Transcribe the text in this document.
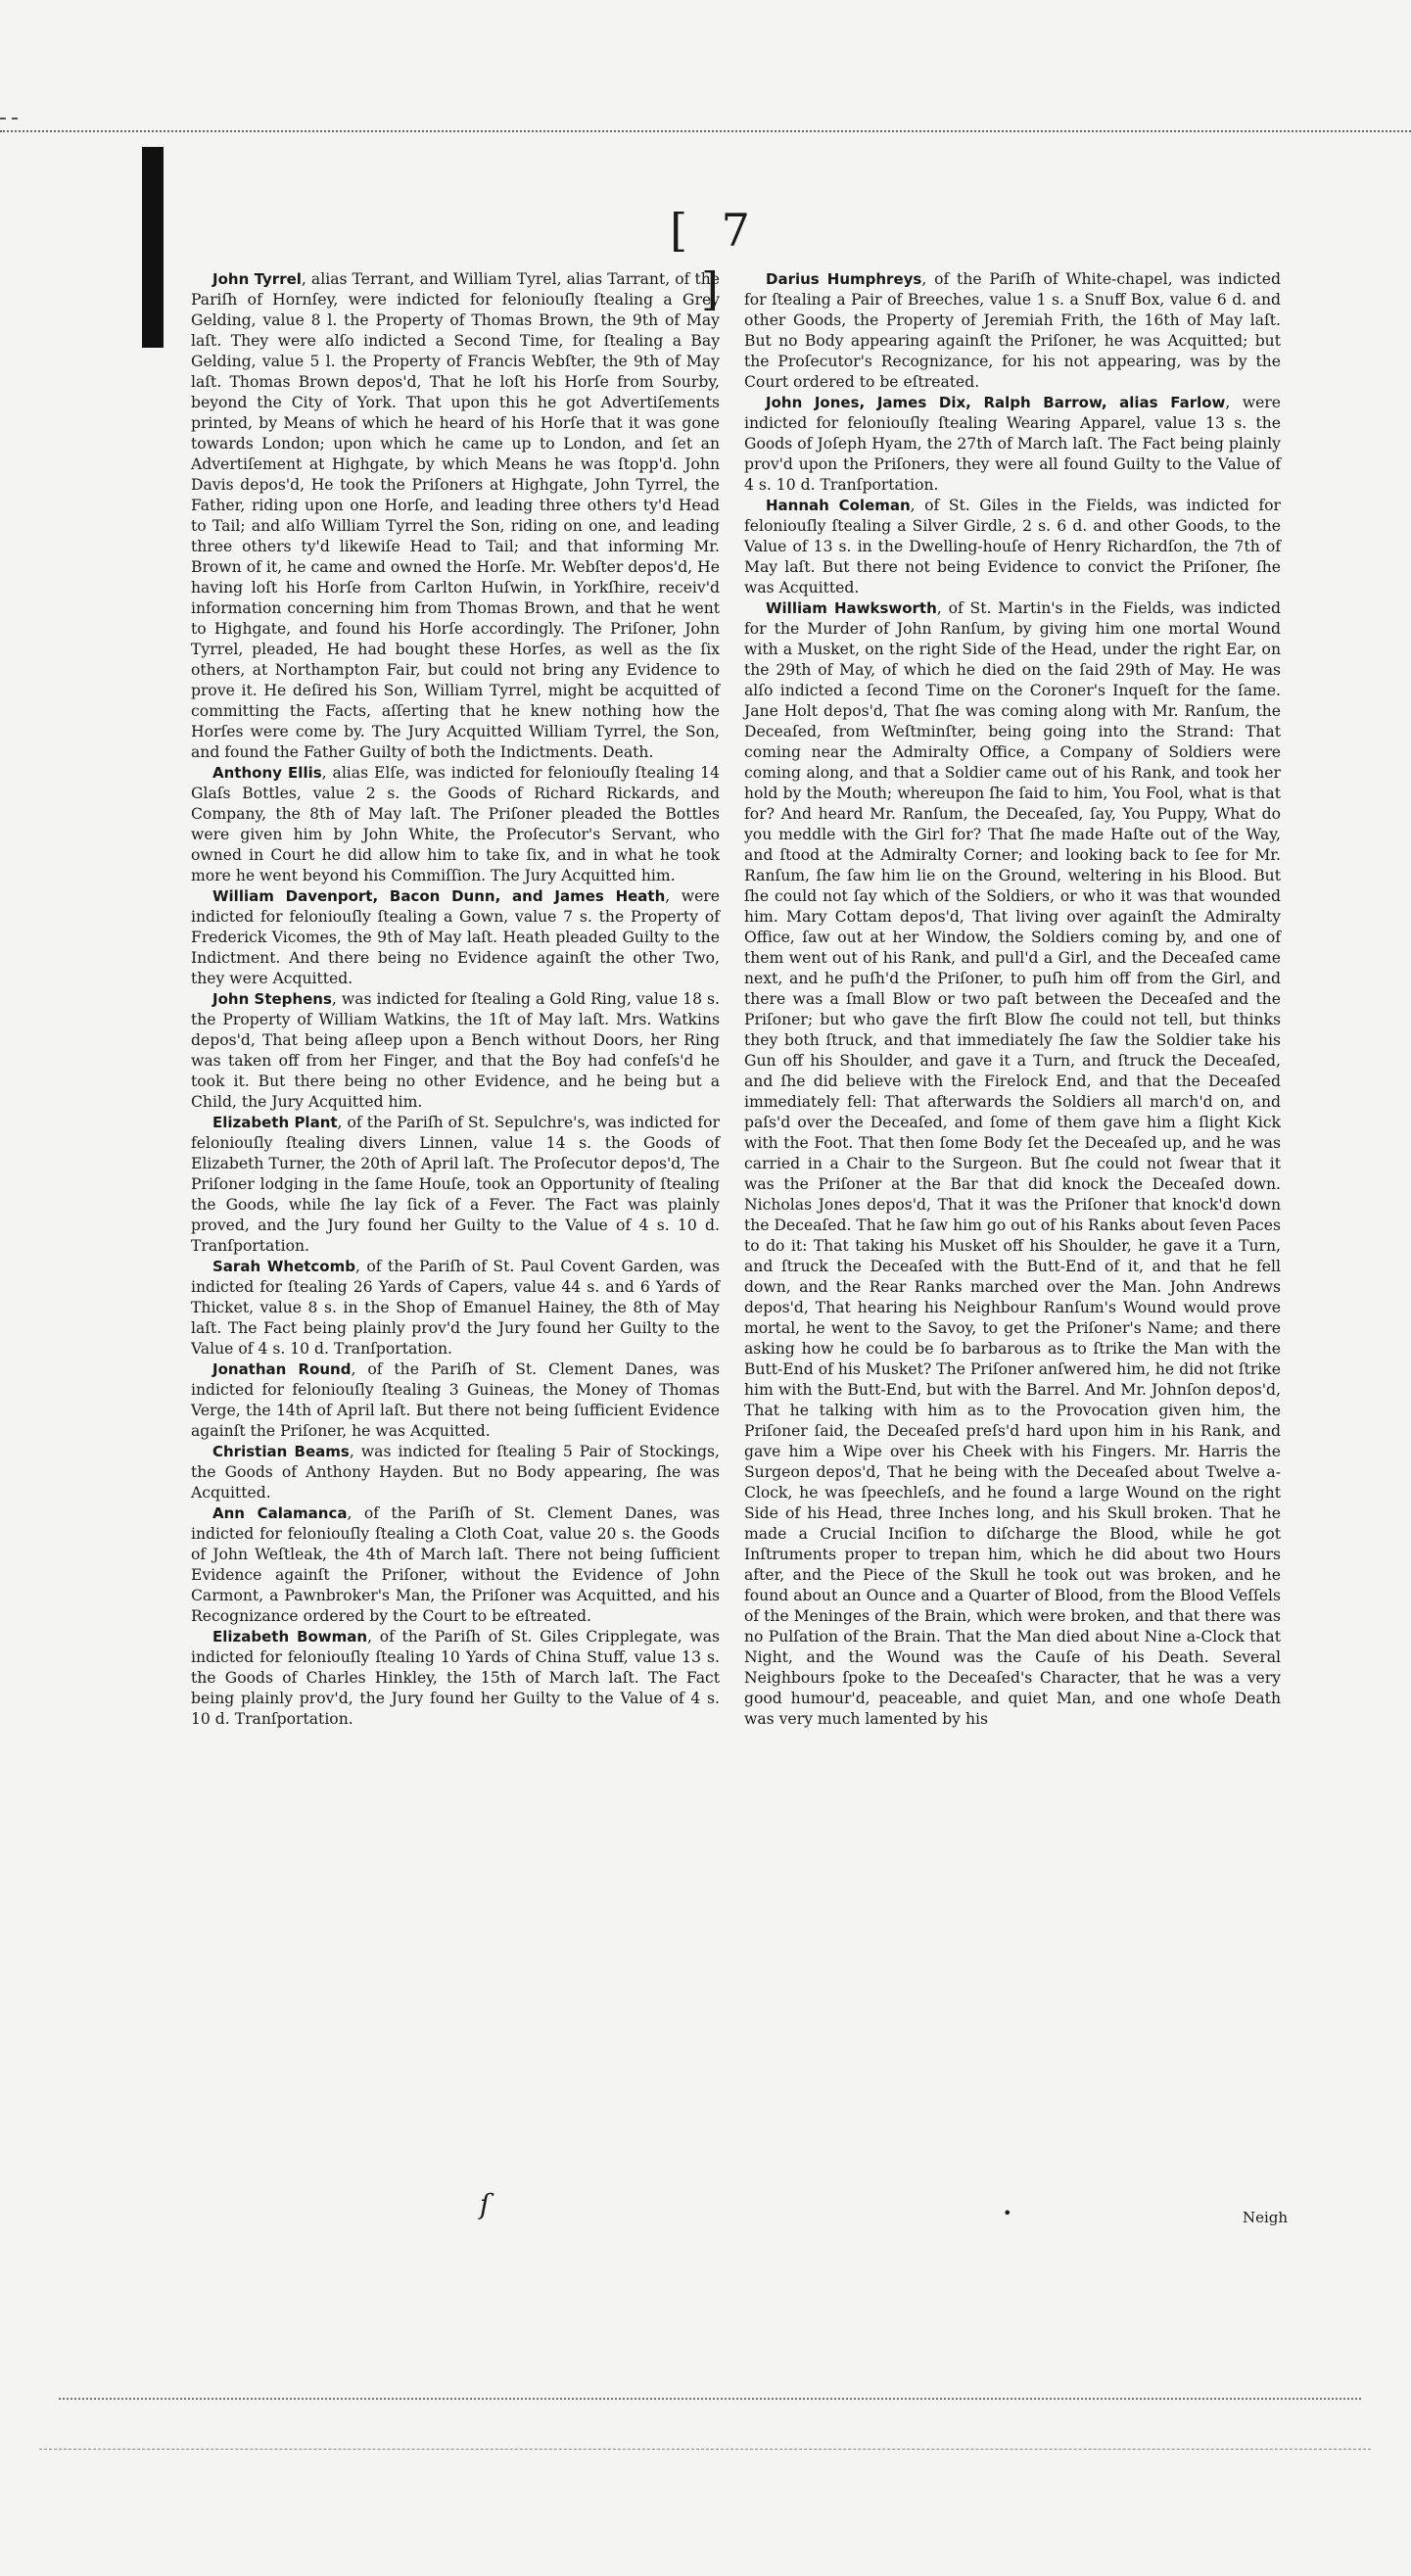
[ 7 ]

John Tyrrel, alias Terrant, and William Tyrel, alias Tarrant, of the Pariſh of Hornſey, were indicted for feloniouſly ſtealing a Grey Gelding, value 8 l. the Property of Thomas Brown, the 9th of May laſt. They were alſo indicted a Second Time, for ſtealing a Bay Gelding, value 5 l. the Property of Francis Webſter, the 9th of May laſt. Thomas Brown depos'd, That he loſt his Horſe from Sourby, beyond the City of York. That upon this he got Advertiſements printed, by Means of which he heard of his Horſe that it was gone towards London; upon which he came up to London, and ſet an Advertiſement at Highgate, by which Means he was ſtopp'd. John Davis depos'd, He took the Priſoners at Highgate, John Tyrrel, the Father, riding upon one Horſe, and leading three others ty'd Head to Tail; and alſo William Tyrrel the Son, riding on one, and leading three others ty'd likewiſe Head to Tail; and that informing Mr. Brown of it, he came and owned the Horſe. Mr. Webſter depos'd, He having loſt his Horſe from Carlton Huſwin, in Yorkſhire, receiv'd information concerning him from Thomas Brown, and that he went to Highgate, and found his Horſe accordingly. The Priſoner, John Tyrrel, pleaded, He had bought these Horſes, as well as the ſix others, at Northampton Fair, but could not bring any Evidence to prove it. He deſired his Son, William Tyrrel, might be acquitted of committing the Facts, aſſerting that he knew nothing how the Horſes were come by. The Jury Acquitted William Tyrrel, the Son, and found the Father Guilty of both the Indictments. Death.

Anthony Ellis, alias Elſe, was indicted for feloniouſly ſtealing 14 Glaſs Bottles, value 2 s. the Goods of Richard Rickards, and Company, the 8th of May laſt. The Priſoner pleaded the Bottles were given him by John White, the Proſecutor's Servant, who owned in Court he did allow him to take ſix, and in what he took more he went beyond his Commiſſion. The Jury Acquitted him.

William Davenport, Bacon Dunn, and James Heath, were indicted for feloniouſly ſtealing a Gown, value 7 s. the Property of Frederick Vicomes, the 9th of May laſt. Heath pleaded Guilty to the Indictment. And there being no Evidence againſt the other Two, they were Acquitted.

John Stephens, was indicted for ſtealing a Gold Ring, value 18 s. the Property of William Watkins, the 1ſt of May laſt. Mrs. Watkins depos'd, That being aſleep upon a Bench without Doors, her Ring was taken off from her Finger, and that the Boy had confeſs'd he took it. But there being no other Evidence, and he being but a Child, the Jury Acquitted him.

Elizabeth Plant, of the Pariſh of St. Sepulchre's, was indicted for feloniouſly ſtealing divers Linnen, value 14 s. the Goods of Elizabeth Turner, the 20th of April laſt. The Proſecutor depos'd, The Priſoner lodging in the ſame Houſe, took an Opportunity of ſtealing the Goods, while ſhe lay ſick of a Fever. The Fact was plainly proved, and the Jury found her Guilty to the Value of 4 s. 10 d. Tranſportation.

Sarah Whetcomb, of the Pariſh of St. Paul Covent Garden, was indicted for ſtealing 26 Yards of Capers, value 44 s. and 6 Yards of Thicket, value 8 s. in the Shop of Emanuel Hainey, the 8th of May laſt. The Fact being plainly prov'd the Jury found her Guilty to the Value of 4 s. 10 d. Tranſportation.

Jonathan Round, of the Pariſh of St. Clement Danes, was indicted for feloniouſly ſtealing 3 Guineas, the Money of Thomas Verge, the 14th of April laſt. But there not being ſufficient Evidence againſt the Priſoner, he was Acquitted.

Christian Beams, was indicted for ſtealing 5 Pair of Stockings, the Goods of Anthony Hayden. But no Body appearing, ſhe was Acquitted.

Ann Calamanca, of the Pariſh of St. Clement Danes, was indicted for feloniouſly ſtealing a Cloth Coat, value 20 s. the Goods of John Weſtleak, the 4th of March laſt. There not being ſufficient Evidence againſt the Priſoner, without the Evidence of John Carmont, a Pawnbroker's Man, the Priſoner was Acquitted, and his Recognizance ordered by the Court to be eſtreated.

Elizabeth Bowman, of the Pariſh of St. Giles Cripplegate, was indicted for feloniouſly ſtealing 10 Yards of China Stuff, value 13 s. the Goods of Charles Hinkley, the 15th of March laſt. The Fact being plainly prov'd, the Jury found her Guilty to the Value of 4 s. 10 d. Tranſportation.

Darius Humphreys, of the Pariſh of White-chapel, was indicted for ſtealing a Pair of Breeches, value 1 s. a Snuff Box, value 6 d. and other Goods, the Property of Jeremiah Frith, the 16th of May laſt. But no Body appearing againſt the Priſoner, he was Acquitted; but the Proſecutor's Recognizance, for his not appearing, was by the Court ordered to be eſtreated.

John Jones, James Dix, Ralph Barrow, alias Farlow, were indicted for feloniouſly ſtealing Wearing Apparel, value 13 s. the Goods of Joſeph Hyam, the 27th of March laſt. The Fact being plainly prov'd upon the Priſoners, they were all found Guilty to the Value of 4 s. 10 d. Tranſportation.

Hannah Coleman, of St. Giles in the Fields, was indicted for feloniouſly ſtealing a Silver Girdle, 2 s. 6 d. and other Goods, to the Value of 13 s. in the Dwelling-houſe of Henry Richardſon, the 7th of May laſt. But there not being Evidence to convict the Priſoner, ſhe was Acquitted.

William Hawksworth, of St. Martin's in the Fields, was indicted for the Murder of John Ranſum, by giving him one mortal Wound with a Musket, on the right Side of the Head, under the right Ear, on the 29th of May, of which he died on the ſaid 29th of May. He was alſo indicted a ſecond Time on the Coroner's Inqueſt for the ſame. Jane Holt depos'd, That ſhe was coming along with Mr. Ranſum, the Deceaſed, from Weſtminſter, being going into the Strand: That coming near the Admiralty Office, a Company of Soldiers were coming along, and that a Soldier came out of his Rank, and took her hold by the Mouth; whereupon ſhe ſaid to him, You Fool, what is that for? And heard Mr. Ranſum, the Deceaſed, ſay, You Puppy, What do you meddle with the Girl for? That ſhe made Haſte out of the Way, and ſtood at the Admiralty Corner; and looking back to ſee for Mr. Ranſum, ſhe ſaw him lie on the Ground, weltering in his Blood. But ſhe could not ſay which of the Soldiers, or who it was that wounded him. Mary Cottam depos'd, That living over againſt the Admiralty Office, ſaw out at her Window, the Soldiers coming by, and one of them went out of his Rank, and pull'd a Girl, and the Deceaſed came next, and he puſh'd the Priſoner, to puſh him off from the Girl, and there was a ſmall Blow or two paſt between the Deceaſed and the Priſoner; but who gave the firſt Blow ſhe could not tell, but thinks they both ſtruck, and that immediately ſhe ſaw the Soldier take his Gun off his Shoulder, and gave it a Turn, and ſtruck the Deceaſed, and ſhe did believe with the Firelock End, and that the Deceaſed immediately fell: That afterwards the Soldiers all march'd on, and paſs'd over the Deceaſed, and ſome of them gave him a ſlight Kick with the Foot. That then ſome Body ſet the Deceaſed up, and he was carried in a Chair to the Surgeon. But ſhe could not ſwear that it was the Priſoner at the Bar that did knock the Deceaſed down. Nicholas Jones depos'd, That it was the Priſoner that knock'd down the Deceaſed. That he ſaw him go out of his Ranks about ſeven Paces to do it: That taking his Musket off his Shoulder, he gave it a Turn, and ſtruck the Deceaſed with the Butt-End of it, and that he fell down, and the Rear Ranks marched over the Man. John Andrews depos'd, That hearing his Neighbour Ranſum's Wound would prove mortal, he went to the Savoy, to get the Priſoner's Name; and there asking how he could be ſo barbarous as to ſtrike the Man with the Butt-End of his Musket? The Priſoner anſwered him, he did not ſtrike him with the Butt-End, but with the Barrel. And Mr. Johnſon depos'd, That he talking with him as to the Provocation given him, the Priſoner ſaid, the Deceaſed preſs'd hard upon him in his Rank, and gave him a Wipe over his Cheek with his Fingers. Mr. Harris the Surgeon depos'd, That he being with the Deceaſed about Twelve a-Clock, he was ſpeechleſs, and he found a large Wound on the right Side of his Head, three Inches long, and his Skull broken. That he made a Crucial Inciſion to diſcharge the Blood, while he got Inſtruments proper to trepan him, which he did about two Hours after, and the Piece of the Skull he took out was broken, and he found about an Ounce and a Quarter of Blood, from the Blood Veſſels of the Meninges of the Brain, which were broken, and that there was no Pulſation of the Brain. That the Man died about Nine a-Clock that Night, and the Wound was the Cauſe of his Death. Several Neighbours ſpoke to the Deceaſed's Character, that he was a very good humour'd, peaceable, and quiet Man, and one whoſe Death was very much lamented by his

ſ	•	Neigh
